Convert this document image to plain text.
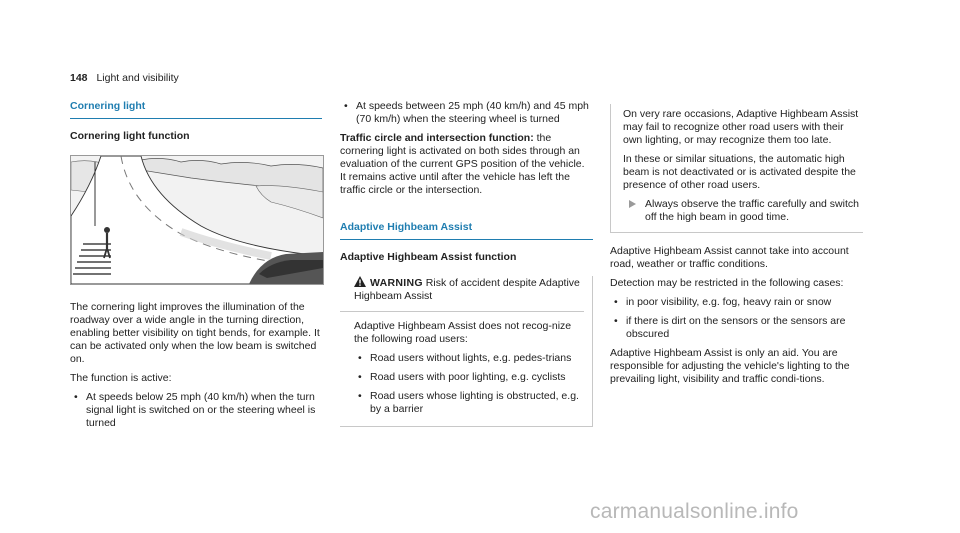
148 Light and visibility
Cornering light
Cornering light function

The cornering light improves the illumination of the roadway over a wide angle in the turning direction, enabling better visibility on tight bends, for example. It can be activated only when the low beam is switched on.

The function is active:

• At speeds below 25 mph (40 km/h) when the turn signal light is switched on or the steering wheel is turned
• At speeds between 25 mph (40 km/h) and 45 mph (70 km/h) when the steering wheel is turned

Traffic circle and intersection function: the cornering light is activated on both sides through an evaluation of the current GPS position of the vehicle. It remains active until after the vehicle has left the traffic circle or the intersection.

Adaptive Highbeam Assist
Adaptive Highbeam Assist function
WARNING Risk of accident despite Adaptive Highbeam Assist

Adaptive Highbeam Assist does not recog-nize the following road users:

• Road users without lights, e.g. pedes-trians
• Road users with poor lighting, e.g. cyclists
• Road users whose lighting is obstructed, e.g. by a barrier

On very rare occasions, Adaptive Highbeam Assist may fail to recognize other road users with their own lighting, or may recognize them too late.

In these or similar situations, the automatic high beam is not deactivated or is activated despite the presence of other road users.

Always observe the traffic carefully and switch off the high beam in good time.

Adaptive Highbeam Assist cannot take into account road, weather or traffic conditions.

Detection may be restricted in the following cases:

• in poor visibility, e.g. fog, heavy rain or snow
• if there is dirt on the sensors or the sensors are obscured

Adaptive Highbeam Assist is only an aid. You are responsible for adjusting the vehicle's lighting to the prevailing light, visibility and traffic condi-tions.

carmanualsonline.info
